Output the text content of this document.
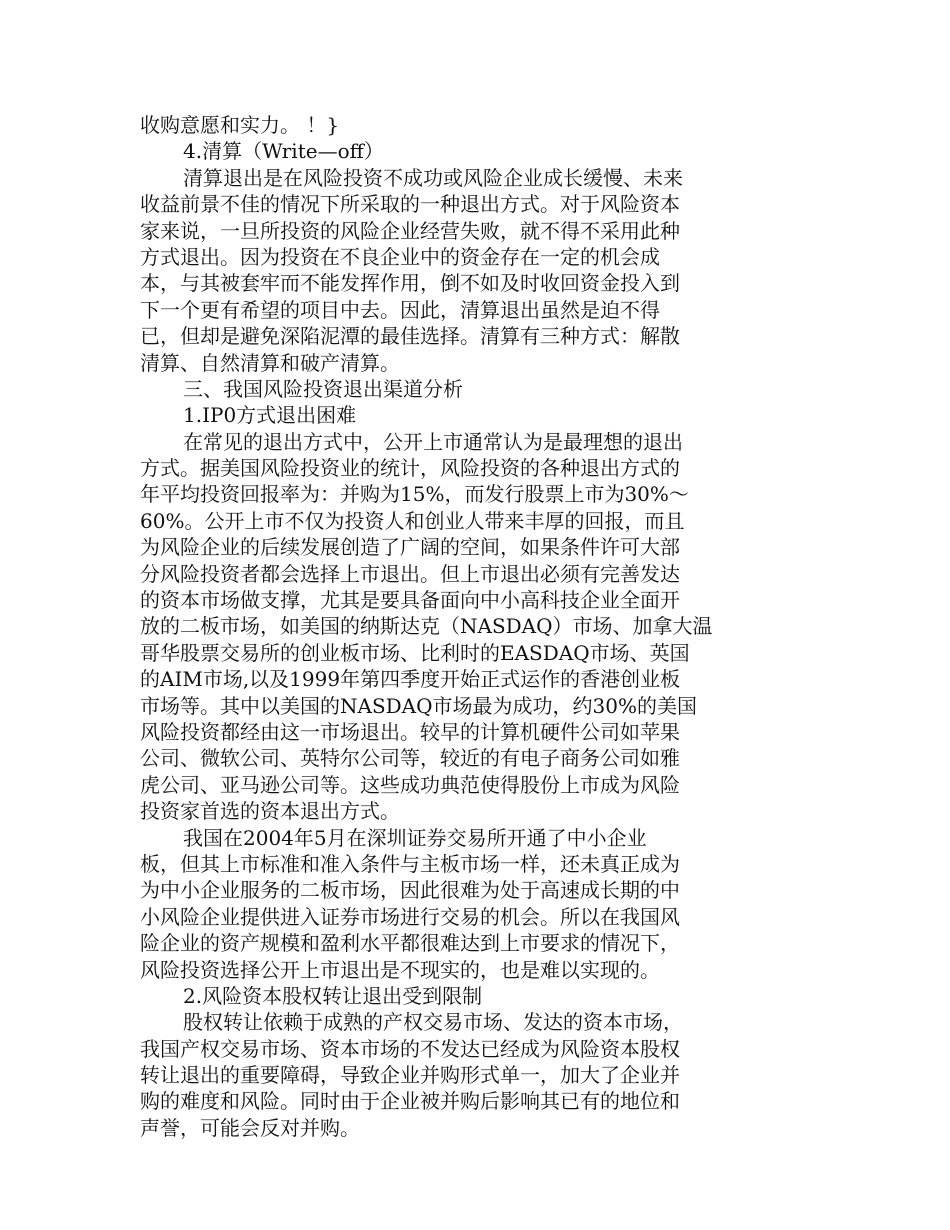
收购意愿和实力。 ！}
4.清算（Write—off）
清算退出是在风险投资不成功或风险企业成长缓慢、未来
收益前景不佳的情况下所采取的一种退出方式。对于风险资本
家来说，一旦所投资的风险企业经营失败，就不得不采用此种
方式退出。因为投资在不良企业中的资金存在一定的机会成
本，与其被套牢而不能发挥作用，倒不如及时收回资金投入到
下一个更有希望的项目中去。因此，清算退出虽然是迫不得
已，但却是避免深陷泥潭的最佳选择。清算有三种方式：解散
清算、自然清算和破产清算。
三、我国风险投资退出渠道分析
1.IP0方式退出困难
在常见的退出方式中，公开上市通常认为是最理想的退出
方式。据美国风险投资业的统计，风险投资的各种退出方式的
年平均投资回报率为：并购为15%，而发行股票上市为30%～
60%。公开上市不仅为投资人和创业人带来丰厚的回报，而且
为风险企业的后续发展创造了广阔的空间，如果条件许可大部
分风险投资者都会选择上市退出。但上市退出必须有完善发达
的资本市场做支撑，尤其是要具备面向中小高科技企业全面开
放的二板市场，如美国的纳斯达克（NASDAQ）市场、加拿大温
哥华股票交易所的创业板市场、比利时的EASDAQ市场、英国
的AIM市场,以及1999年第四季度开始正式运作的香港创业板
市场等。其中以美国的NASDAQ市场最为成功，约30%的美国
风险投资都经由这一市场退出。较早的计算机硬件公司如苹果
公司、微软公司、英特尔公司等，较近的有电子商务公司如雅
虎公司、亚马逊公司等。这些成功典范使得股份上市成为风险
投资家首选的资本退出方式。
我国在2004年5月在深圳证券交易所开通了中小企业
板，但其上市标准和准入条件与主板市场一样，还未真正成为
为中小企业服务的二板市场，因此很难为处于高速成长期的中
小风险企业提供进入证券市场进行交易的机会。所以在我国风
险企业的资产规模和盈利水平都很难达到上市要求的情况下，
风险投资选择公开上市退出是不现实的，也是难以实现的。
2.风险资本股权转让退出受到限制
股权转让依赖于成熟的产权交易市场、发达的资本市场，
我国产权交易市场、资本市场的不发达已经成为风险资本股权
转让退出的重要障碍，导致企业并购形式单一，加大了企业并
购的难度和风险。同时由于企业被并购后影响其已有的地位和
声誉，可能会反对并购。
